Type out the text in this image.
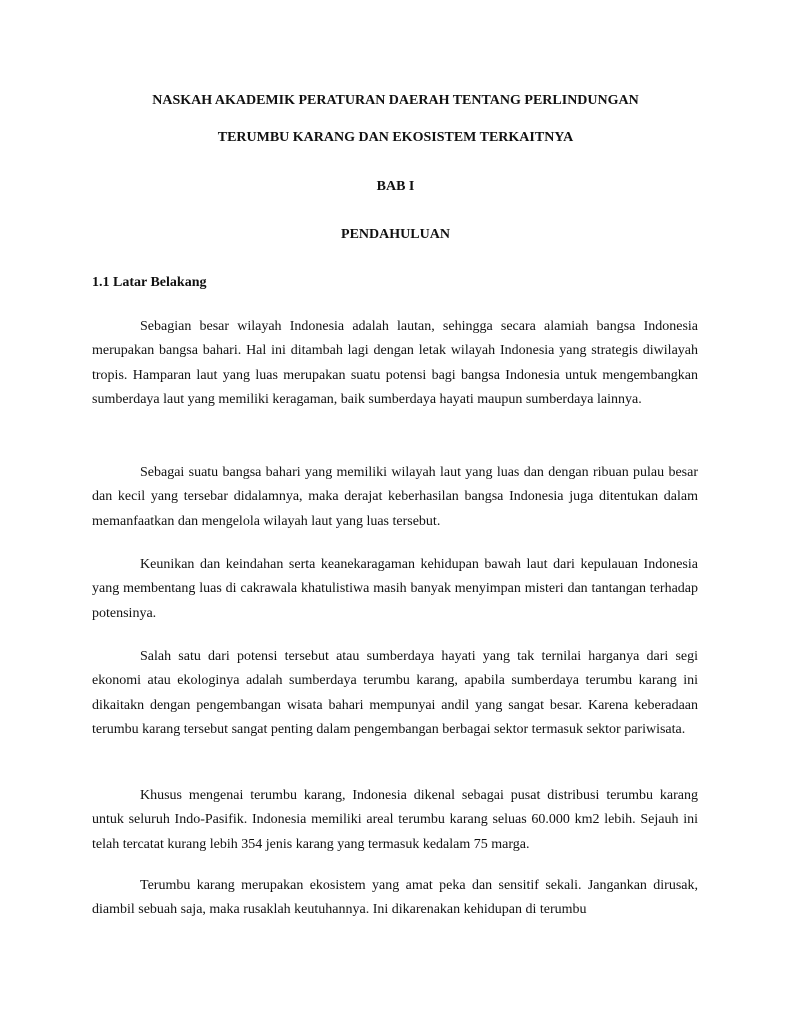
NASKAH AKADEMIK PERATURAN DAERAH TENTANG PERLINDUNGAN
TERUMBU KARANG DAN EKOSISTEM TERKAITNYA
BAB I
PENDAHULUAN
1.1 Latar Belakang

Sebagian besar wilayah Indonesia adalah lautan, sehingga secara alamiah bangsa Indonesia merupakan bangsa bahari. Hal ini ditambah lagi dengan letak wilayah Indonesia yang strategis diwilayah tropis. Hamparan laut yang luas merupakan suatu potensi bagi bangsa Indonesia untuk mengembangkan sumberdaya laut yang memiliki keragaman, baik sumberdaya hayati maupun sumberdaya lainnya.

Sebagai suatu bangsa bahari yang memiliki wilayah laut yang luas dan dengan ribuan pulau besar dan kecil yang tersebar didalamnya, maka derajat keberhasilan bangsa Indonesia juga ditentukan dalam memanfaatkan dan mengelola wilayah laut yang luas tersebut.

Keunikan dan keindahan serta keanekaragaman kehidupan bawah laut dari kepulauan Indonesia yang membentang luas di cakrawala khatulistiwa masih banyak menyimpan misteri dan tantangan terhadap potensinya.

Salah satu dari potensi tersebut atau sumberdaya hayati yang tak ternilai harganya dari segi ekonomi atau ekologinya adalah sumberdaya terumbu karang, apabila sumberdaya terumbu karang ini dikaitakn dengan pengembangan wisata bahari mempunyai andil yang sangat besar. Karena keberadaan terumbu karang tersebut sangat penting dalam pengembangan berbagai sektor termasuk sektor pariwisata.

Khusus mengenai terumbu karang, Indonesia dikenal sebagai pusat distribusi terumbu karang untuk seluruh Indo-Pasifik. Indonesia memiliki areal terumbu karang seluas 60.000 km2 lebih. Sejauh ini telah tercatat kurang lebih 354 jenis karang yang termasuk kedalam 75 marga.

Terumbu karang merupakan ekosistem yang amat peka dan sensitif sekali. Jangankan dirusak, diambil sebuah saja, maka rusaklah keutuhannya. Ini dikarenakan kehidupan di terumbu
